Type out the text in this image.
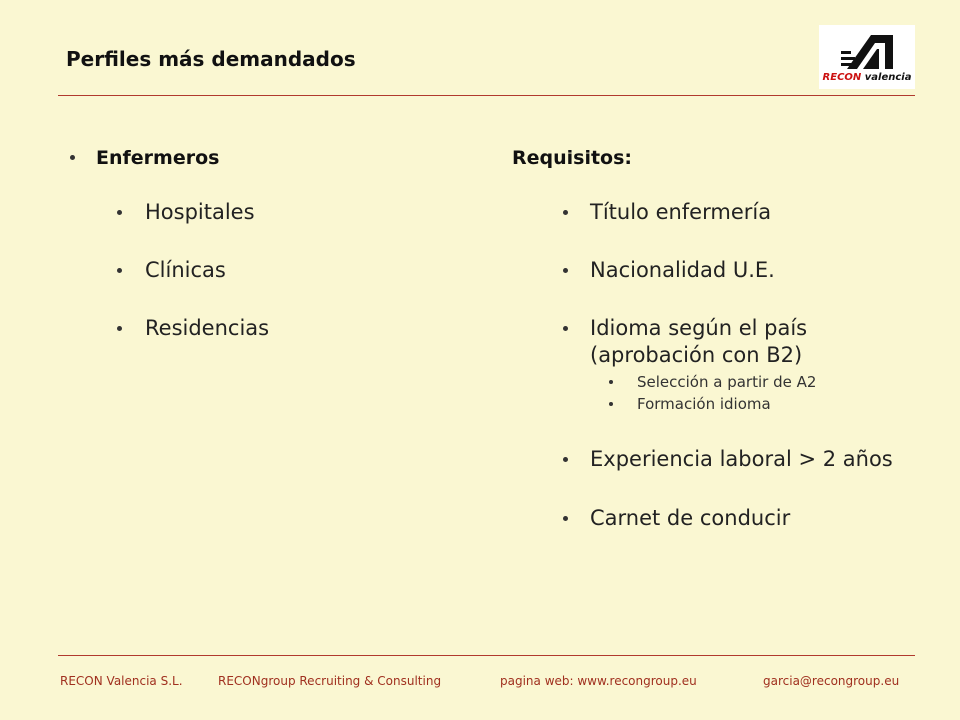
Perfiles más demandados
RECON valencia
Enfermeros
Hospitales
Clínicas
Residencias
Requisitos:
Título enfermería
Nacionalidad U.E.
Idioma según el país
(aprobación con B2)
Selección a partir de A2
Formación idioma
Experiencia laboral > 2 años
Carnet de conducir
RECON Valencia S.L.	RECONgroup Recruiting & Consulting	pagina web: www.recongroup.eu	garcia@recongroup.eu
